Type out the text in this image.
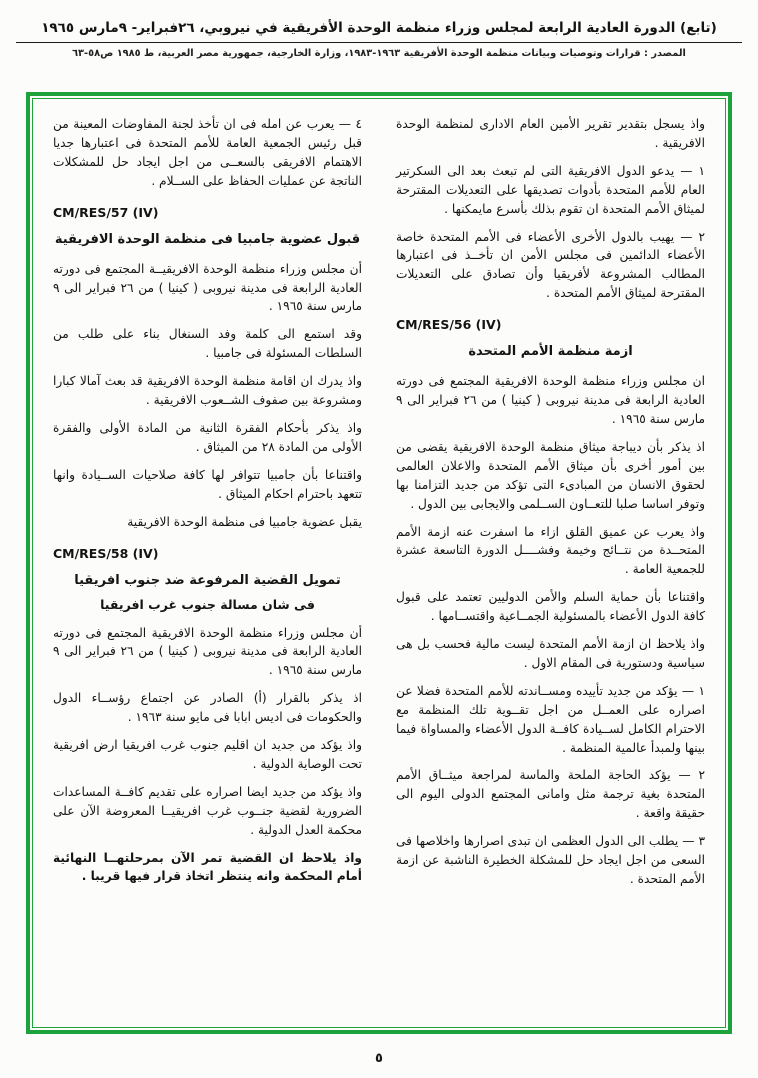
(تابع) الدورة العادية الرابعة لمجلس وزراء منظمة الوحدة الأفريقية في نيروبي، ٢٦فبراير- ٩مارس ١٩٦٥
المصدر : قرارات وتوصيات وبيانات منظمة الوحدة الأفريقية ١٩٦٣-١٩٨٣، وزارة الخارجية، جمهورية مصر العربية، ط ١٩٨٥ ص٥٨-٦٣

واذ يسجل بتقدير تقرير الأمين العام الادارى لمنظمة الوحدة الافريقية .

١ — يدعو الدول الافريقية التى لم تبعث بعد الى السكرتير العام للأمم المتحدة بأدوات تصديقها على التعديلات المقترحة لميثاق الأمم المتحدة ان تقوم بذلك بأسرع مايمكنها .

٢ — يهيب بالدول الأخرى الأعضاء فى الأمم المتحدة خاصة الأعضاء الدائمين فى مجلس الأمن ان تأخــذ فى اعتبارها المطالب المشروعة لأفريقيا وأن تصادق على التعديلات المقترحة لميثاق الأمم المتحدة .

CM/RES/56 (IV)
ازمة منظمة الأمم المتحدة

ان مجلس وزراء منظمة الوحدة الافريقية المجتمع فى دورته العادية الرابعة فى مدينة نيروبى ( كينيا ) من ٢٦ فبراير الى ٩ مارس سنة ١٩٦٥ .

اذ يذكر بأن ديباجة ميثاق منظمة الوحدة الافريقية يقضى من بين أمور أخرى بأن ميثاق الأمم المتحدة والاعلان العالمى لحقوق الانسان من المبادىء التى تؤكد من جديد التزامنا بها وتوفر اساسا صلبا للتعــاون الســلمى والايجابى بين الدول .

واذ يعرب عن عميق القلق ازاء ما اسفرت عنه ازمة الأمم المتحــدة من نتــائج وخيمة وفشــــل الدورة التاسعة عشرة للجمعية العامة .

واقتناعا بأن حماية السلم والأمن الدوليين تعتمد على قبول كافة الدول الأعضاء بالمسئولية الجمــاعية واقتســامها .

واذ يلاحظ ان ازمة الأمم المتحدة ليست مالية فحسب بل هى سياسية ودستورية فى المقام الاول .

١ — يؤكد من جديد تأييده ومســاندته للأمم المتحدة فضلا عن اصراره على العمــل من اجل تقــوية تلك المنظمة مع الاحترام الكامل لســيادة كافــة الدول الأعضاء والمساواة فيما بينها ولمبدأ عالمية المنظمة .

٢ — يؤكد الحاجة الملحة والماسة لمراجعة ميثــاق الأمم المتحدة بغية ترجمة مثل وامانى المجتمع الدولى اليوم الى حقيقة واقعة .

٣ — يطلب الى الدول العظمى ان تبدى اصرارها واخلاصها فى السعى من اجل ايجاد حل للمشكلة الخطيرة الناشبة عن ازمة الأمم المتحدة .

٤ — يعرب عن امله فى ان تأخذ لجنة المفاوضات المعينة من قبل رئيس الجمعية العامة للأمم المتحدة فى اعتبارها جديا الاهتمام الافريقى بالسعــى من اجل ايجاد حل للمشكلات الناتجة عن عمليات الحفاظ على الســلام .

CM/RES/57 (IV)
قبول عضوية جامبيا فى منظمة الوحدة الافريقية

أن مجلس وزراء منظمة الوحدة الافريقيــة المجتمع فى دورته العادية الرابعة فى مدينة نيروبى ( كينيا ) من ٢٦ فبراير الى ٩ مارس سنة ١٩٦٥ .

وقد استمع الى كلمة وفد السنغال بناء على طلب من السلطات المسئولة فى جامبيا .

واذ يدرك ان اقامة منظمة الوحدة الافريقية قد بعث آمالا كبارا ومشروعة بين صفوف الشــعوب الافريقية .

واذ يذكر بأحكام الفقرة الثانية من المادة الأولى والفقرة الأولى من المادة ٢٨ من الميثاق .

واقتناعا بأن جامبيا تتوافر لها كافة صلاحيات الســيادة وانها تتعهد باحترام احكام الميثاق .

يقبل عضوية جامبيا فى منظمة الوحدة الافريقية

CM/RES/58 (IV)
تمويل القضية المرفوعة ضد جنوب افريقيا
فى شان مسالة جنوب غرب افريقيا

أن مجلس وزراء منظمة الوحدة الافريقية المجتمع فى دورته العادية الرابعة فى مدينة نيروبى ( كينيا ) من ٢٦ فبراير الى ٩ مارس سنة ١٩٦٥ .

اذ يذكر بالقرار (أ) الصادر عن اجتماع رؤســاء الدول والحكومات فى اديس ابابا فى مايو سنة ١٩٦٣ .

واذ يؤكد من جديد ان اقليم جنوب غرب افريقيا ارض افريقية تحت الوصاية الدولية .

واذ يؤكد من جديد ايضا اصراره على تقديم كافــة المساعدات الضرورية لقضية جنــوب غرب افريقيــا المعروضة الآن على محكمة العدل الدولية .

واذ يلاحظ ان القضية تمر الآن بمرحلتهــا النهائية أمام المحكمة وانه ينتظر اتخاذ قرار فيها قريبا .

٥
